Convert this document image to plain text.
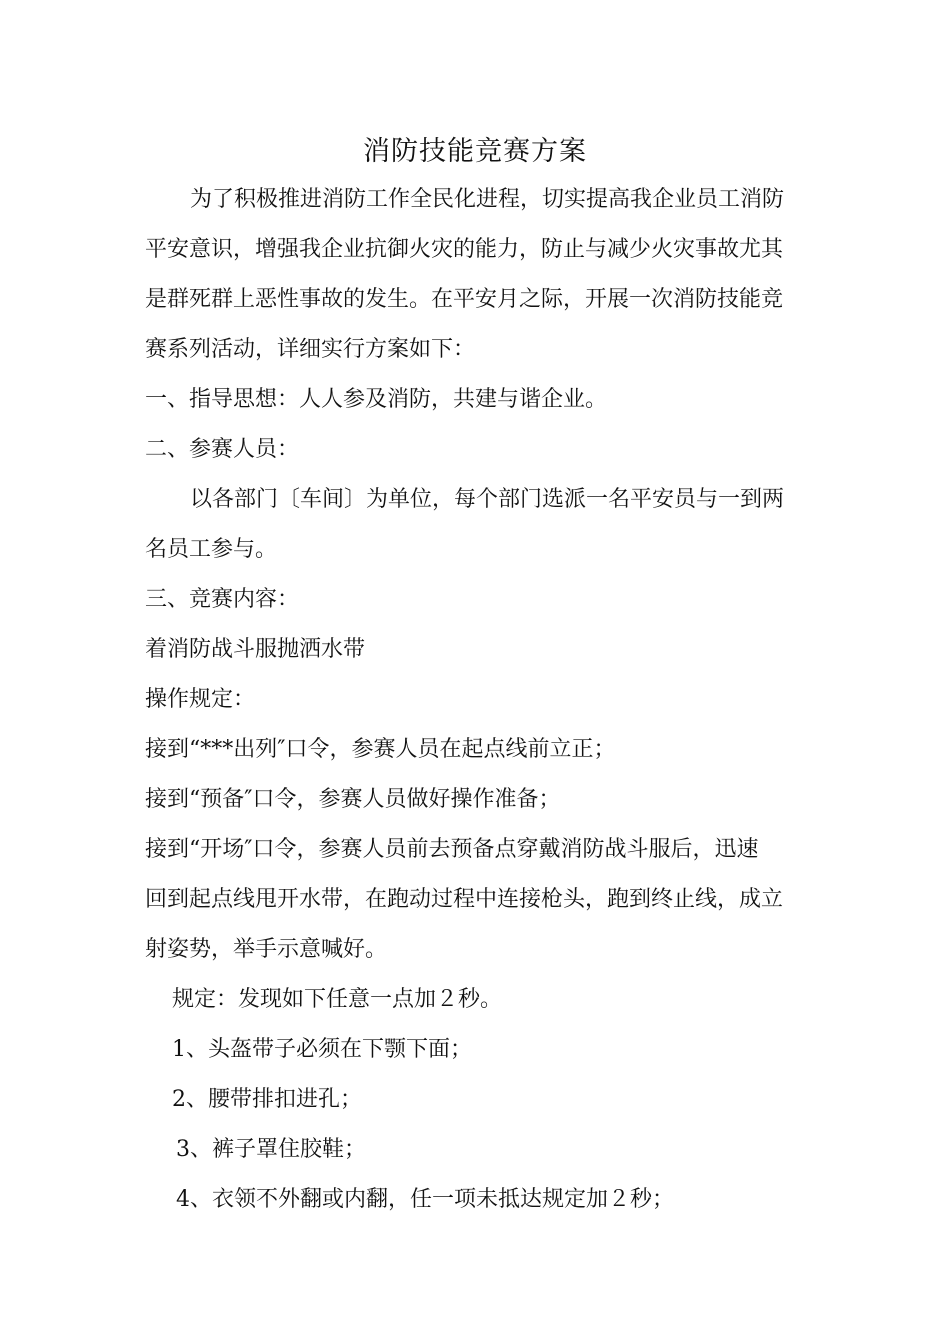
消防技能竞赛方案

为了积极推进消防工作全民化进程，切实提高我企业员工消防

平安意识，增强我企业抗御火灾的能力，防止与减少火灾事故尤其

是群死群上恶性事故的发生。在平安月之际，开展一次消防技能竞

赛系列活动，详细实行方案如下：

一、指导思想：人人参及消防，共建与谐企业。

二、参赛人员：

以各部门〔车间〕为单位，每个部门选派一名平安员与一到两

名员工参与。

三、竞赛内容：

着消防战斗服抛洒水带

操作规定：

接到“***出列″口令，参赛人员在起点线前立正；

接到“预备″口令，参赛人员做好操作准备；

接到“开场″口令，参赛人员前去预备点穿戴消防战斗服后，迅速

回到起点线甩开水带，在跑动过程中连接枪头，跑到终止线，成立

射姿势，举手示意喊好。

规定：发现如下任意一点加２秒。

1、头盔带子必须在下颚下面；

2、腰带排扣进孔；

3、裤子罩住胶鞋；

4、衣领不外翻或内翻，任一项未抵达规定加２秒；
